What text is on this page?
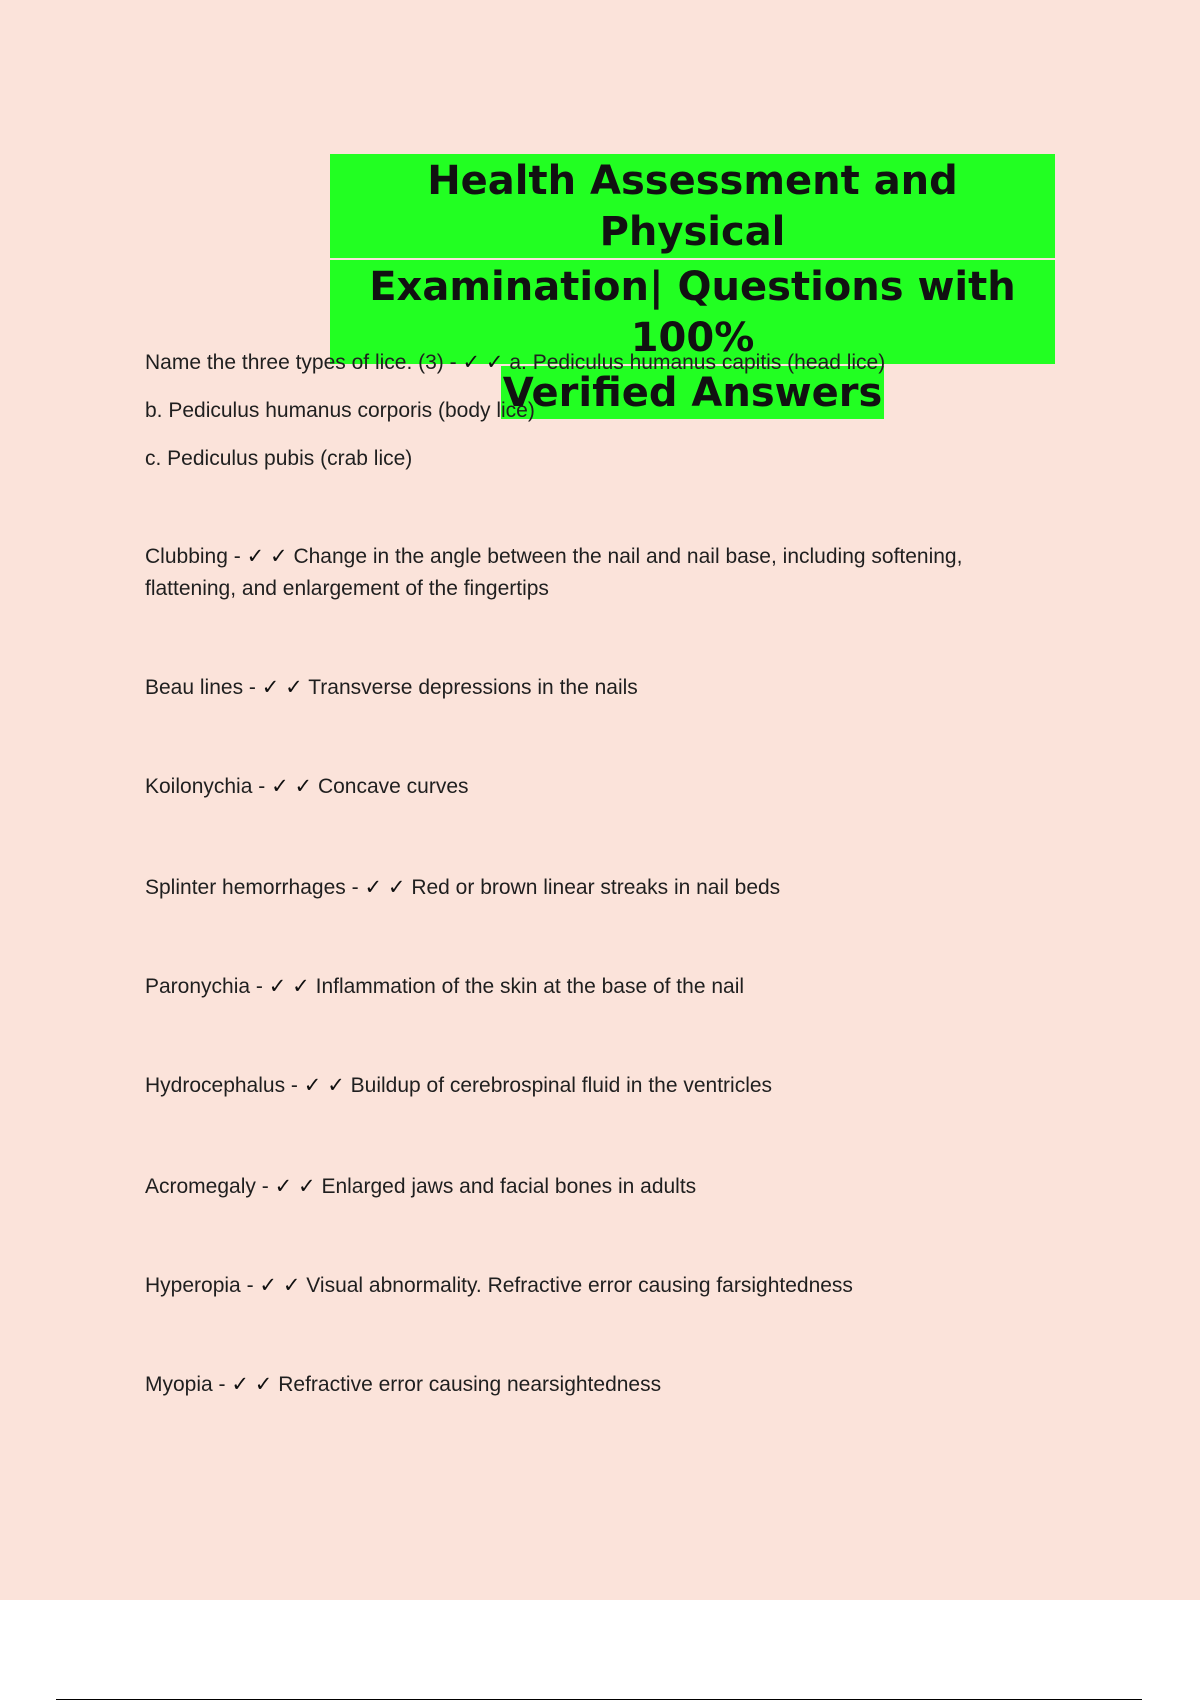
Health Assessment and Physical
Examination| Questions with 100%
Verified Answers

Name the three types of lice. (3) - ✓ ✓ a. Pediculus humanus capitis (head lice)

b. Pediculus humanus corporis (body lice)

c. Pediculus pubis (crab lice)

Clubbing - ✓ ✓ Change in the angle between the nail and nail base, including softening, flattening, and enlargement of the fingertips

Beau lines - ✓ ✓ Transverse depressions in the nails

Koilonychia - ✓ ✓ Concave curves

Splinter hemorrhages - ✓ ✓ Red or brown linear streaks in nail beds

Paronychia - ✓ ✓ Inflammation of the skin at the base of the nail

Hydrocephalus - ✓ ✓ Buildup of cerebrospinal fluid in the ventricles

Acromegaly - ✓ ✓ Enlarged jaws and facial bones in adults

Hyperopia - ✓ ✓ Visual abnormality. Refractive error causing farsightedness

Myopia - ✓ ✓ Refractive error causing nearsightedness
